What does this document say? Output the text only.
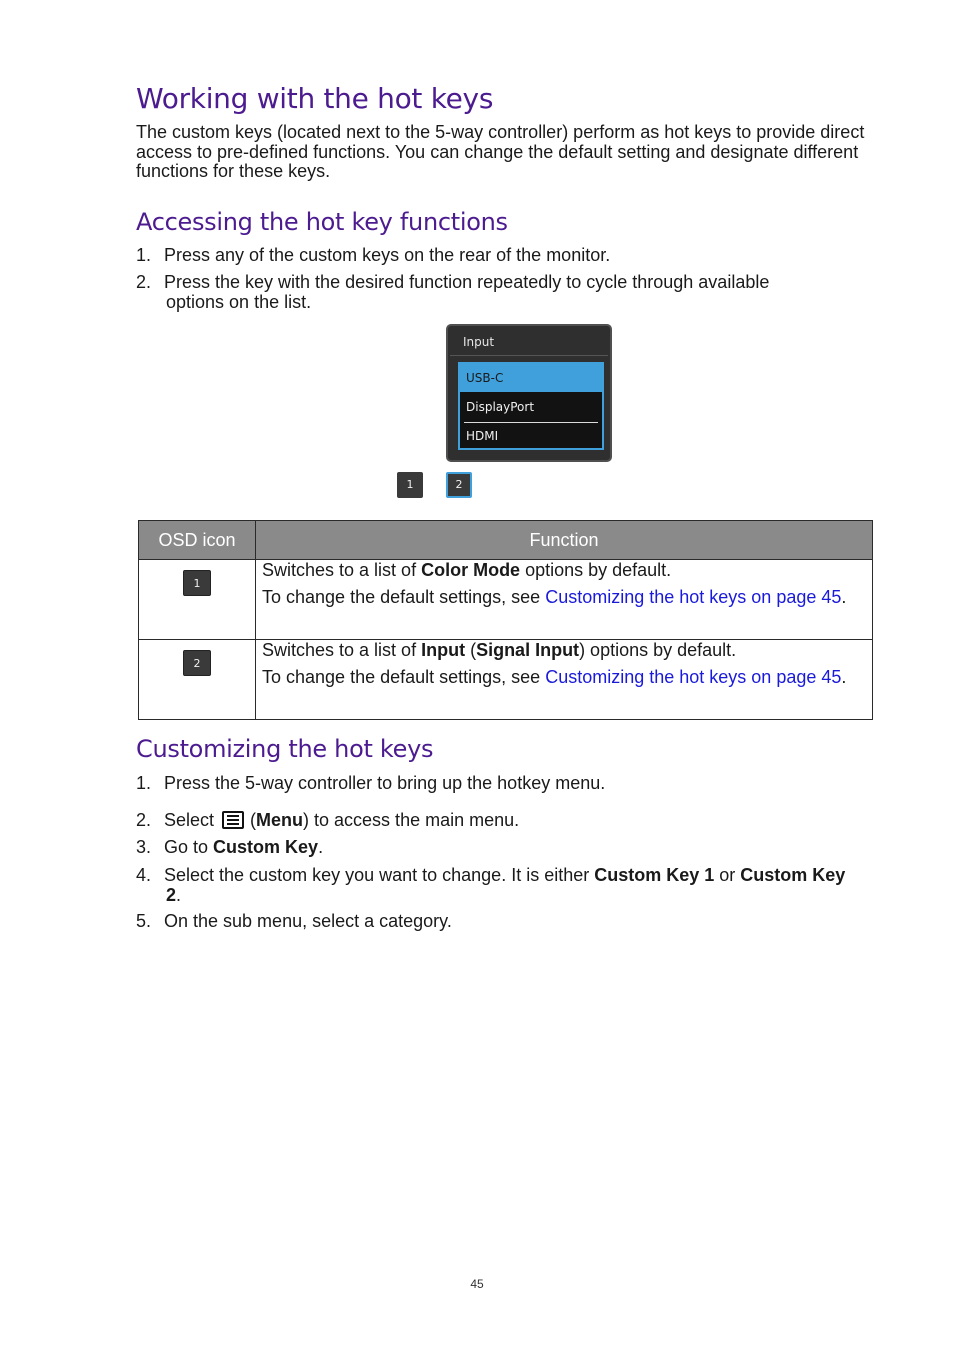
Working with the hot keys

The custom keys (located next to the 5-way controller) perform as hot keys to provide direct access to pre-defined functions. You can change the default setting and designate different functions for these keys.

Accessing the hot key functions
1. Press any of the custom keys on the rear of the monitor.
2. Press the key with the desired function repeatedly to cycle through available
options on the list.
Input
USB-C
DisplayPort
HDMI
1	2
OSD icon	Function
1	Switches to a list of Color Mode options by default.

To change the default settings, see Customizing the hot keys on page 45.

2	Switches to a list of Input (Signal Input) options by default.

To change the default settings, see Customizing the hot keys on page 45.

Customizing the hot keys
1. Press the 5-way controller to bring up the hotkey menu.
2. Select (Menu) to access the main menu.
3. Go to Custom Key.
4. Select the custom key you want to change. It is either Custom Key 1 or Custom Key
2.
5. On the sub menu, select a category.
45
